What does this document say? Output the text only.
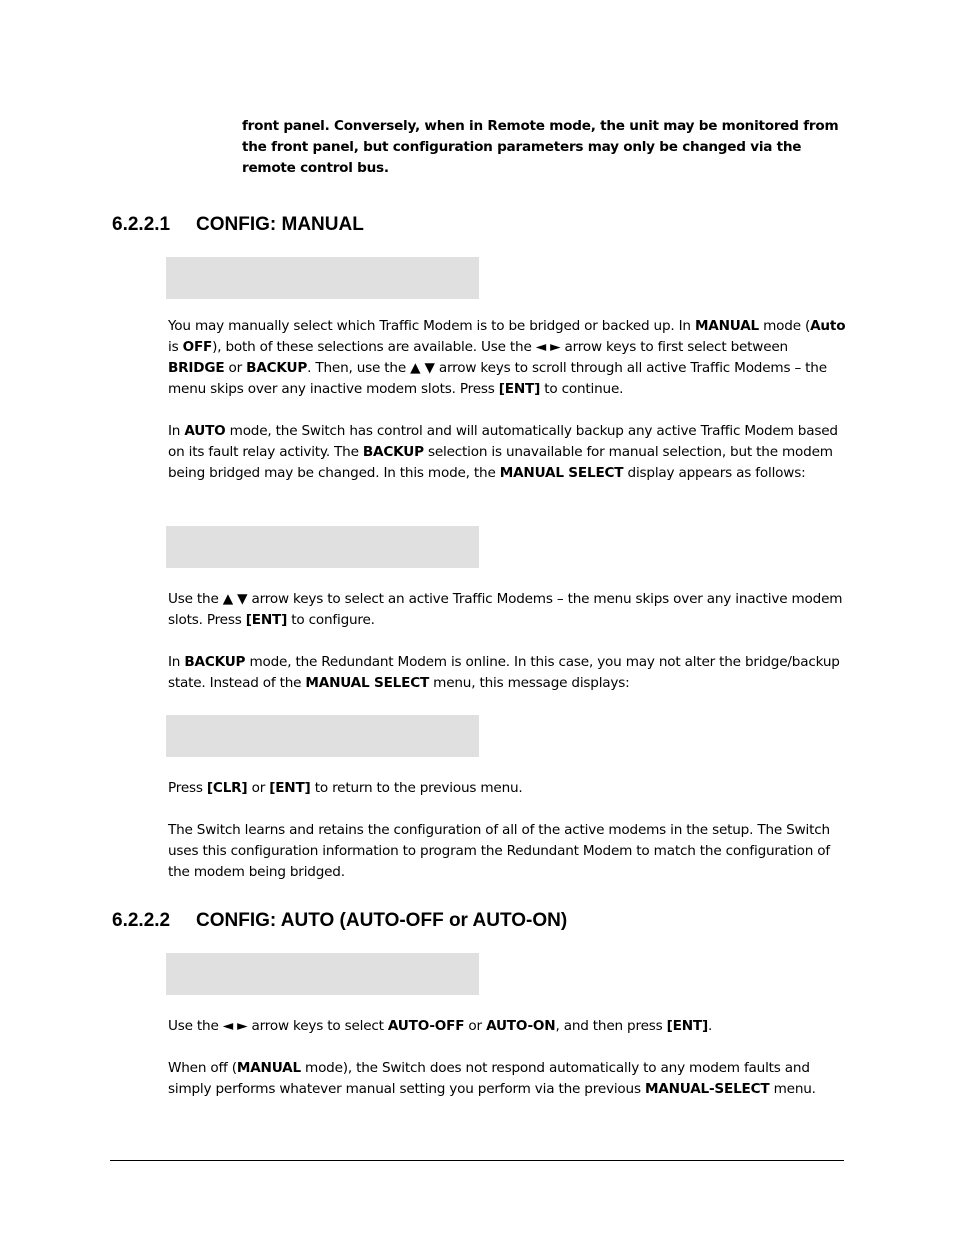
front panel. Conversely, when in Remote mode, the unit may be monitored from the front panel, but configuration parameters may only be changed via the remote control bus.

6.2.2.1 CONFIG: MANUAL

You may manually select which Traffic Modem is to be bridged or backed up. In MANUAL mode (Auto is OFF), both of these selections are available. Use the ◄ ► arrow keys to first select between BRIDGE or BACKUP. Then, use the ▲ ▼ arrow keys to scroll through all active Traffic Modems – the menu skips over any inactive modem slots. Press [ENT] to continue.

In AUTO mode, the Switch has control and will automatically backup any active Traffic Modem based on its fault relay activity. The BACKUP selection is unavailable for manual selection, but the modem being bridged may be changed. In this mode, the MANUAL SELECT display appears as follows:

Use the ▲ ▼ arrow keys to select an active Traffic Modems – the menu skips over any inactive modem slots. Press [ENT] to configure.

In BACKUP mode, the Redundant Modem is online. In this case, you may not alter the bridge/backup state. Instead of the MANUAL SELECT menu, this message displays:

Press [CLR] or [ENT] to return to the previous menu.

The Switch learns and retains the configuration of all of the active modems in the setup. The Switch uses this configuration information to program the Redundant Modem to match the configuration of the modem being bridged.

6.2.2.2 CONFIG: AUTO (AUTO-OFF or AUTO-ON)

Use the ◄ ► arrow keys to select AUTO-OFF or AUTO-ON, and then press [ENT].

When off (MANUAL mode), the Switch does not respond automatically to any modem faults and simply performs whatever manual setting you perform via the previous MANUAL-SELECT menu.
